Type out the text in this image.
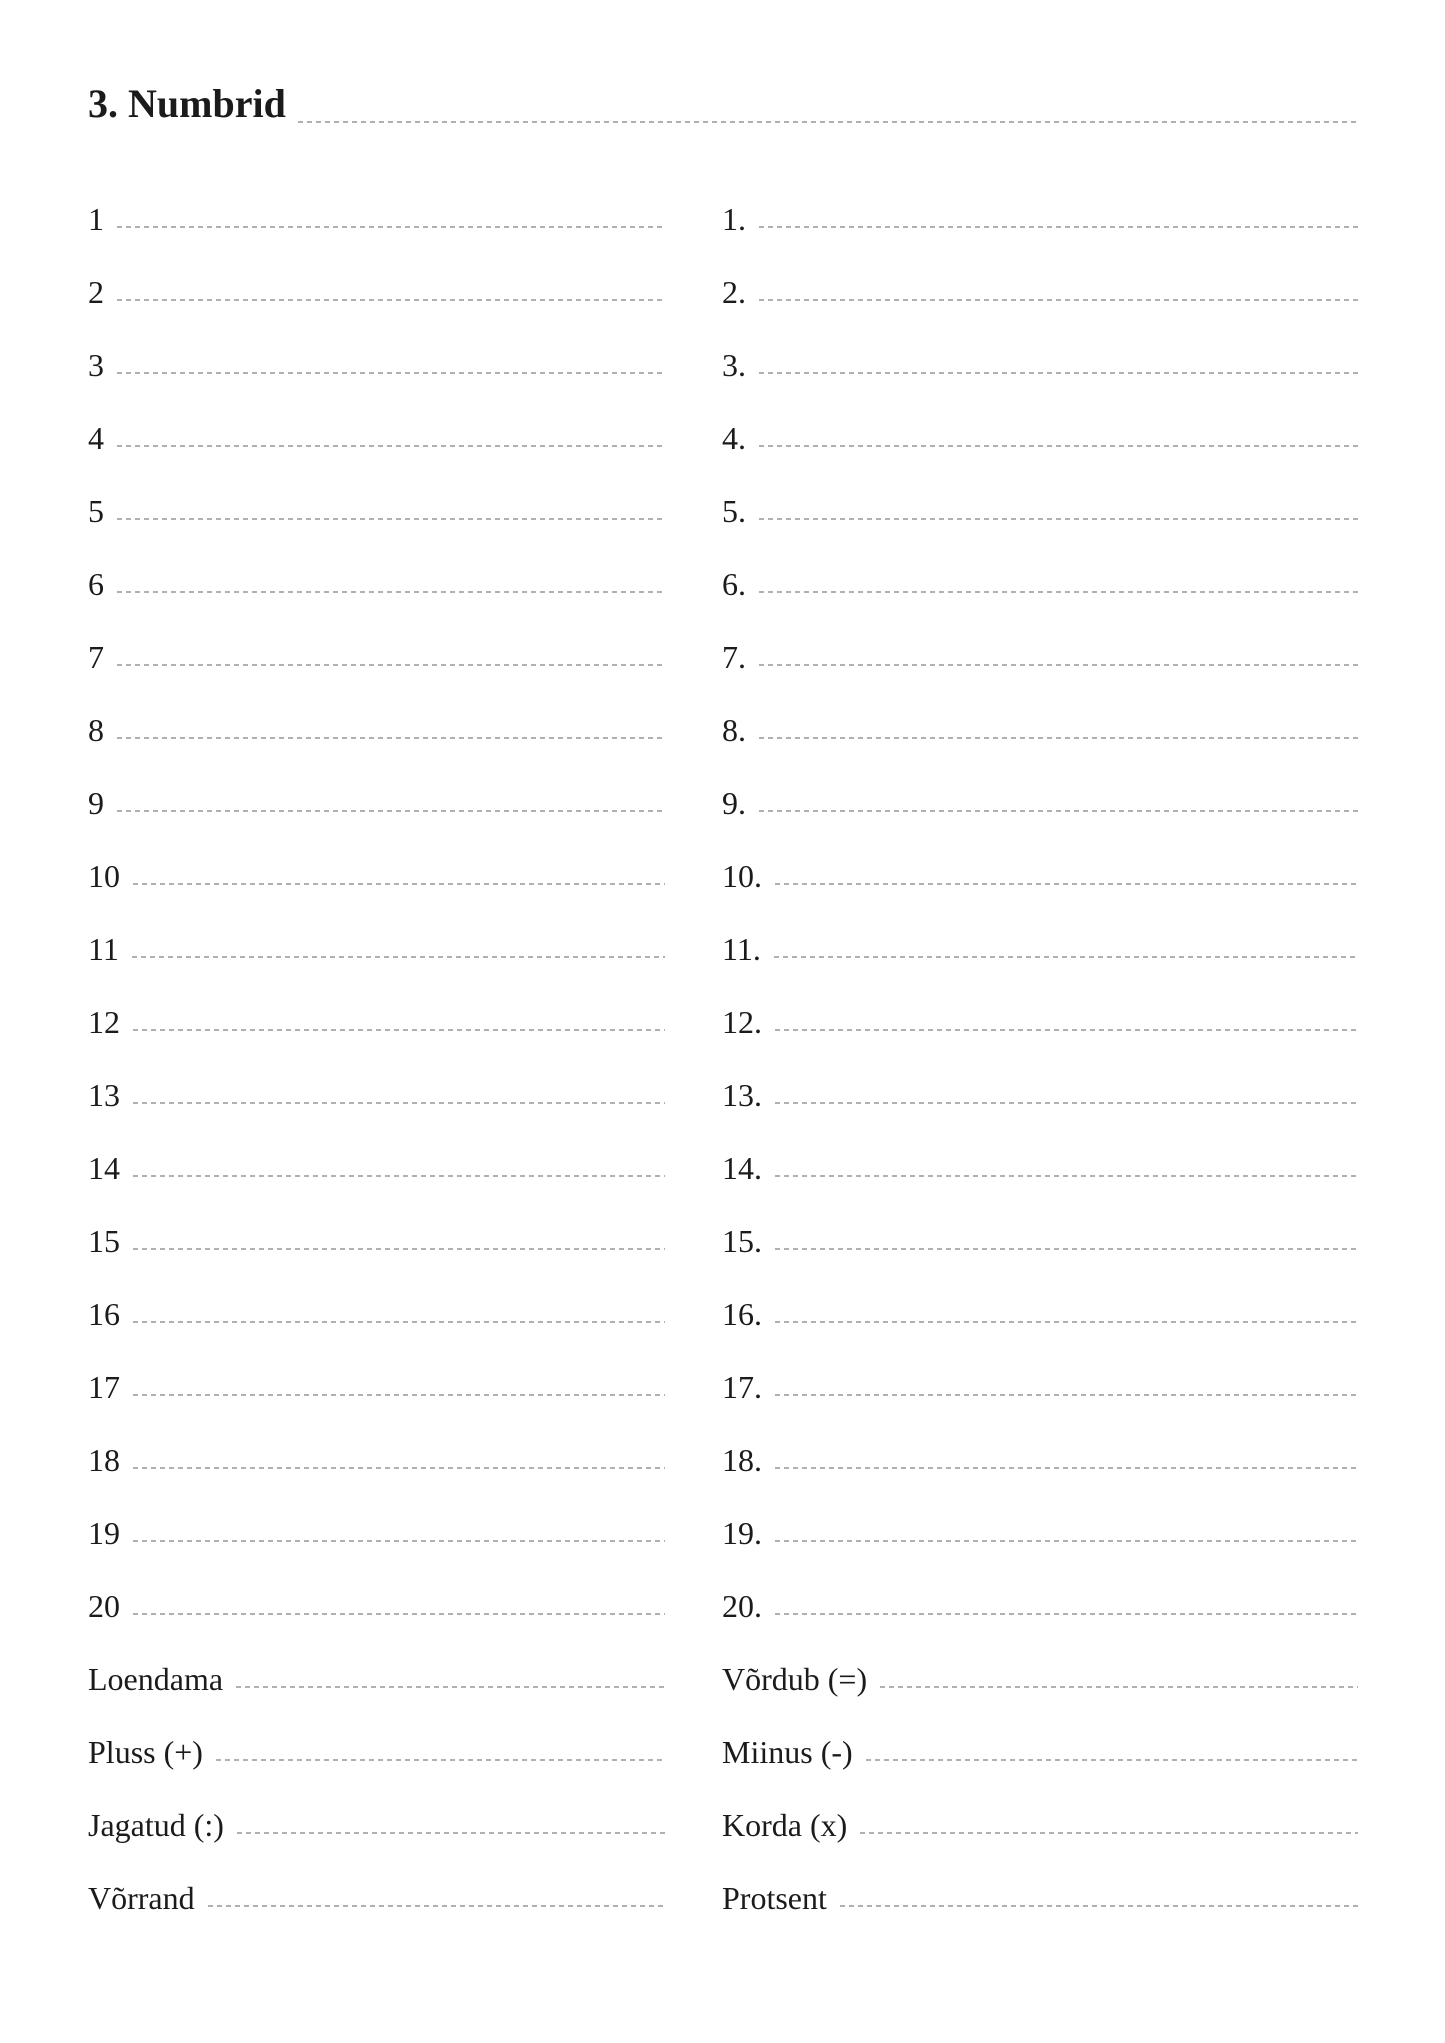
3. Numbrid
1
2
3
4
5
6
7
8
9
10
11
12
13
14
15
16
17
18
19
20
Loendama
Pluss (+)
Jagatud (:)
Võrrand
1.
2.
3.
4.
5.
6.
7.
8.
9.
10.
11.
12.
13.
14.
15.
16.
17.
18.
19.
20.
Võrdub (=)
Miinus (-)
Korda (x)
Protsent
